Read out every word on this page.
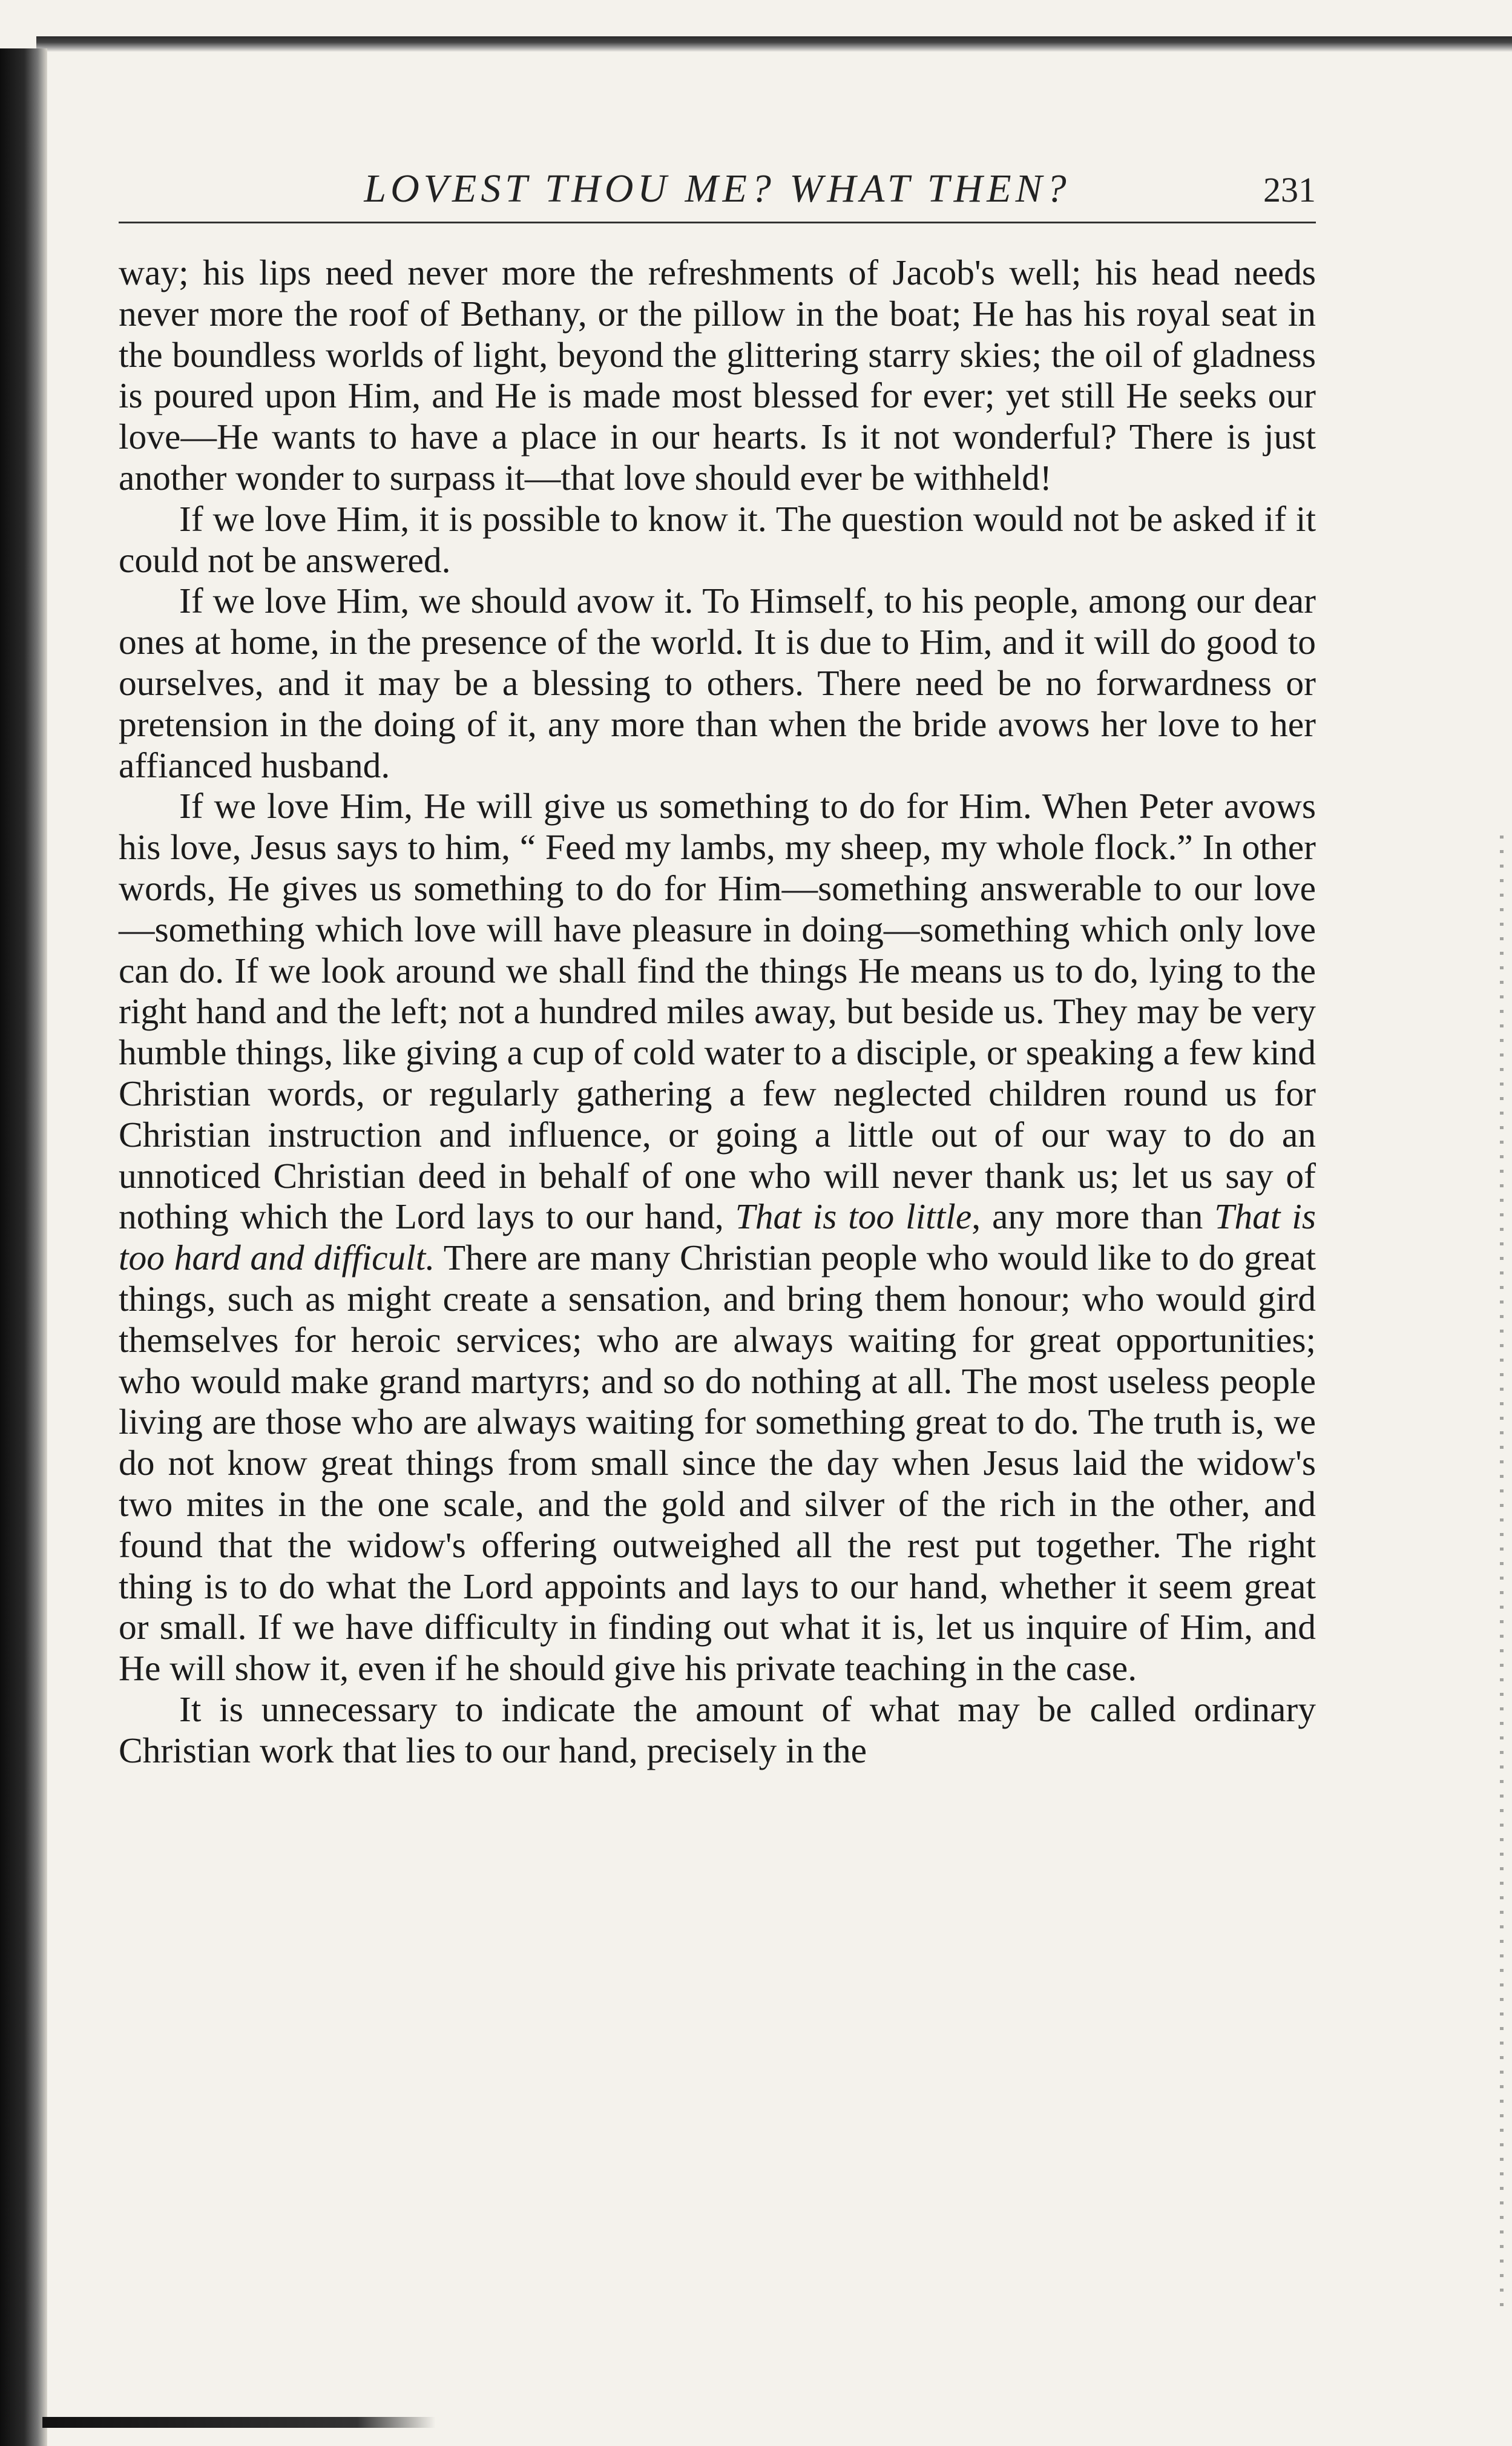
LOVEST THOU ME? WHAT THEN?	231

way; his lips need never more the refreshments of Jacob's well; his head needs never more the roof of Bethany, or the pillow in the boat; He has his royal seat in the boundless worlds of light, beyond the glittering starry skies; the oil of gladness is poured upon Him, and He is made most blessed for ever; yet still He seeks our love—He wants to have a place in our hearts. Is it not wonderful? There is just another wonder to surpass it—that love should ever be withheld!

If we love Him, it is possible to know it. The question would not be asked if it could not be answered.

If we love Him, we should avow it. To Himself, to his people, among our dear ones at home, in the presence of the world. It is due to Him, and it will do good to ourselves, and it may be a blessing to others. There need be no forwardness or pretension in the doing of it, any more than when the bride avows her love to her affianced husband.

If we love Him, He will give us something to do for Him. When Peter avows his love, Jesus says to him, “ Feed my lambs, my sheep, my whole flock.” In other words, He gives us something to do for Him—something answerable to our love—something which love will have pleasure in doing—something which only love can do. If we look around we shall find the things He means us to do, lying to the right hand and the left; not a hundred miles away, but beside us. They may be very humble things, like giving a cup of cold water to a disciple, or speaking a few kind Christian words, or regularly gathering a few neglected children round us for Christian instruction and influence, or going a little out of our way to do an unnoticed Christian deed in behalf of one who will never thank us; let us say of nothing which the Lord lays to our hand, That is too little, any more than That is too hard and difficult. There are many Christian people who would like to do great things, such as might create a sensation, and bring them honour; who would gird themselves for heroic services; who are always waiting for great opportunities; who would make grand martyrs; and so do nothing at all. The most useless people living are those who are always waiting for something great to do. The truth is, we do not know great things from small since the day when Jesus laid the widow's two mites in the one scale, and the gold and silver of the rich in the other, and found that the widow's offering outweighed all the rest put together. The right thing is to do what the Lord appoints and lays to our hand, whether it seem great or small. If we have difficulty in finding out what it is, let us inquire of Him, and He will show it, even if he should give his private teaching in the case.

It is unnecessary to indicate the amount of what may be called ordinary Christian work that lies to our hand, precisely in the
